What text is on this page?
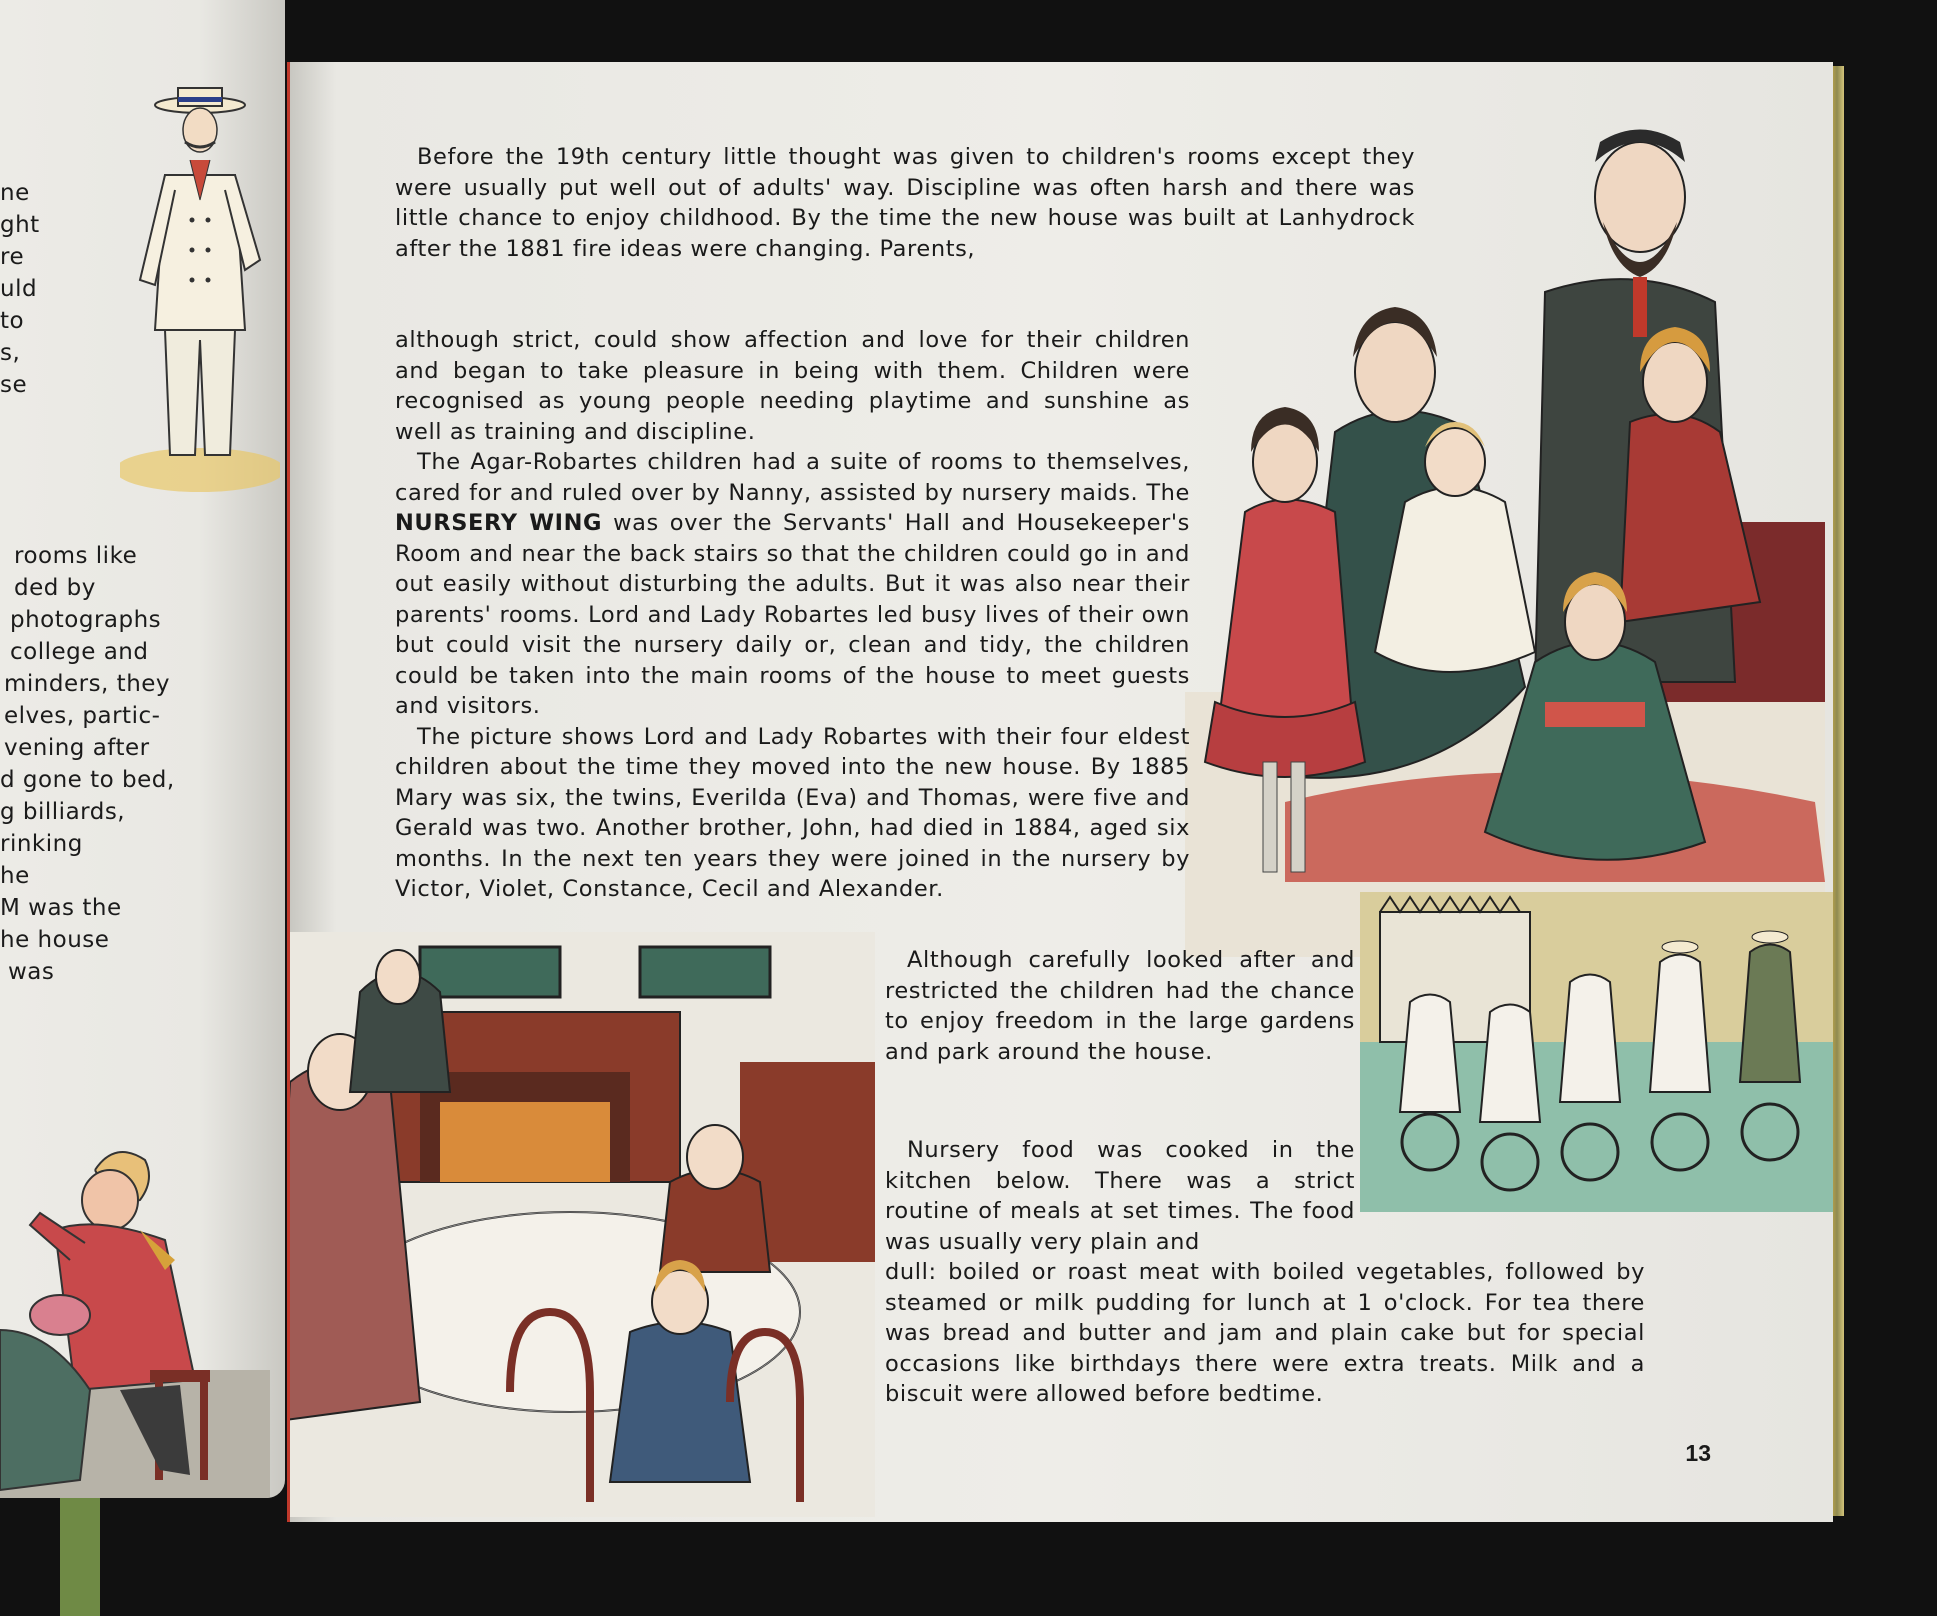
ne
ght
re
uld
to
s,
se
rooms like
ded by
photographs
college and
minders, they
elves, partic-
vening after
d gone to bed,
g billiards,
rinking
he
M was the
he house
was

Before the 19th century little thought was given to children's rooms except they were usually put well out of adults' way. Discipline was often harsh and there was little chance to enjoy childhood. By the time the new house was built at Lanhydrock after the 1881 fire ideas were changing. Parents,

although strict, could show affection and love for their children and began to take pleasure in being with them. Children were recognised as young people needing playtime and sunshine as well as training and discipline.

The Agar-Robartes children had a suite of rooms to themselves, cared for and ruled over by Nanny, assisted by nursery maids. The NURSERY WING was over the Servants' Hall and Housekeeper's Room and near the back stairs so that the children could go in and out easily without disturbing the adults. But it was also near their parents' rooms. Lord and Lady Robartes led busy lives of their own but could visit the nursery daily or, clean and tidy, the children could be taken into the main rooms of the house to meet guests and visitors.

The picture shows Lord and Lady Robartes with their four eldest children about the time they moved into the new house. By 1885 Mary was six, the twins, Everilda (Eva) and Thomas, were five and Gerald was two. Another brother, John, had died in 1884, aged six months. In the next ten years they were joined in the nursery by Victor, Violet, Constance, Cecil and Alexander.

Although carefully looked after and restricted the children had the chance to enjoy freedom in the large gardens and park around the house.

Nursery food was cooked in the kitchen below. There was a strict routine of meals at set times. The food was usually very plain and

dull: boiled or roast meat with boiled vegetables, followed by steamed or milk pudding for lunch at 1 o'clock. For tea there was bread and butter and jam and plain cake but for special occasions like birthdays there were extra treats. Milk and a biscuit were allowed before bedtime.

13
